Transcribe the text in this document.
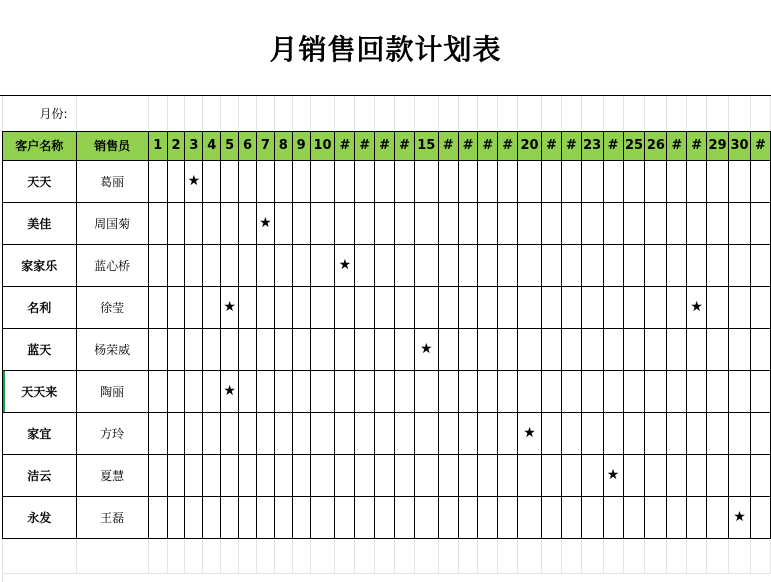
月销售回款计划表
月份:																																
客户名称	销售员	1	2	3	4	5	6	7	8	9	10	#	#	#	#	15	#	#	#	#	20	#	#	23	#	25	26	#	#	29	30	#
天天	葛丽			★																												
美佳	周国菊							★																								
家家乐	蓝心桥											★																				
名利	徐莹					★																							★			
蓝天	杨荣威															★																
天天来	陶丽					★																										
家宜	方玲																				★											
洁云	夏慧																								★							
永发	王磊																														★	
